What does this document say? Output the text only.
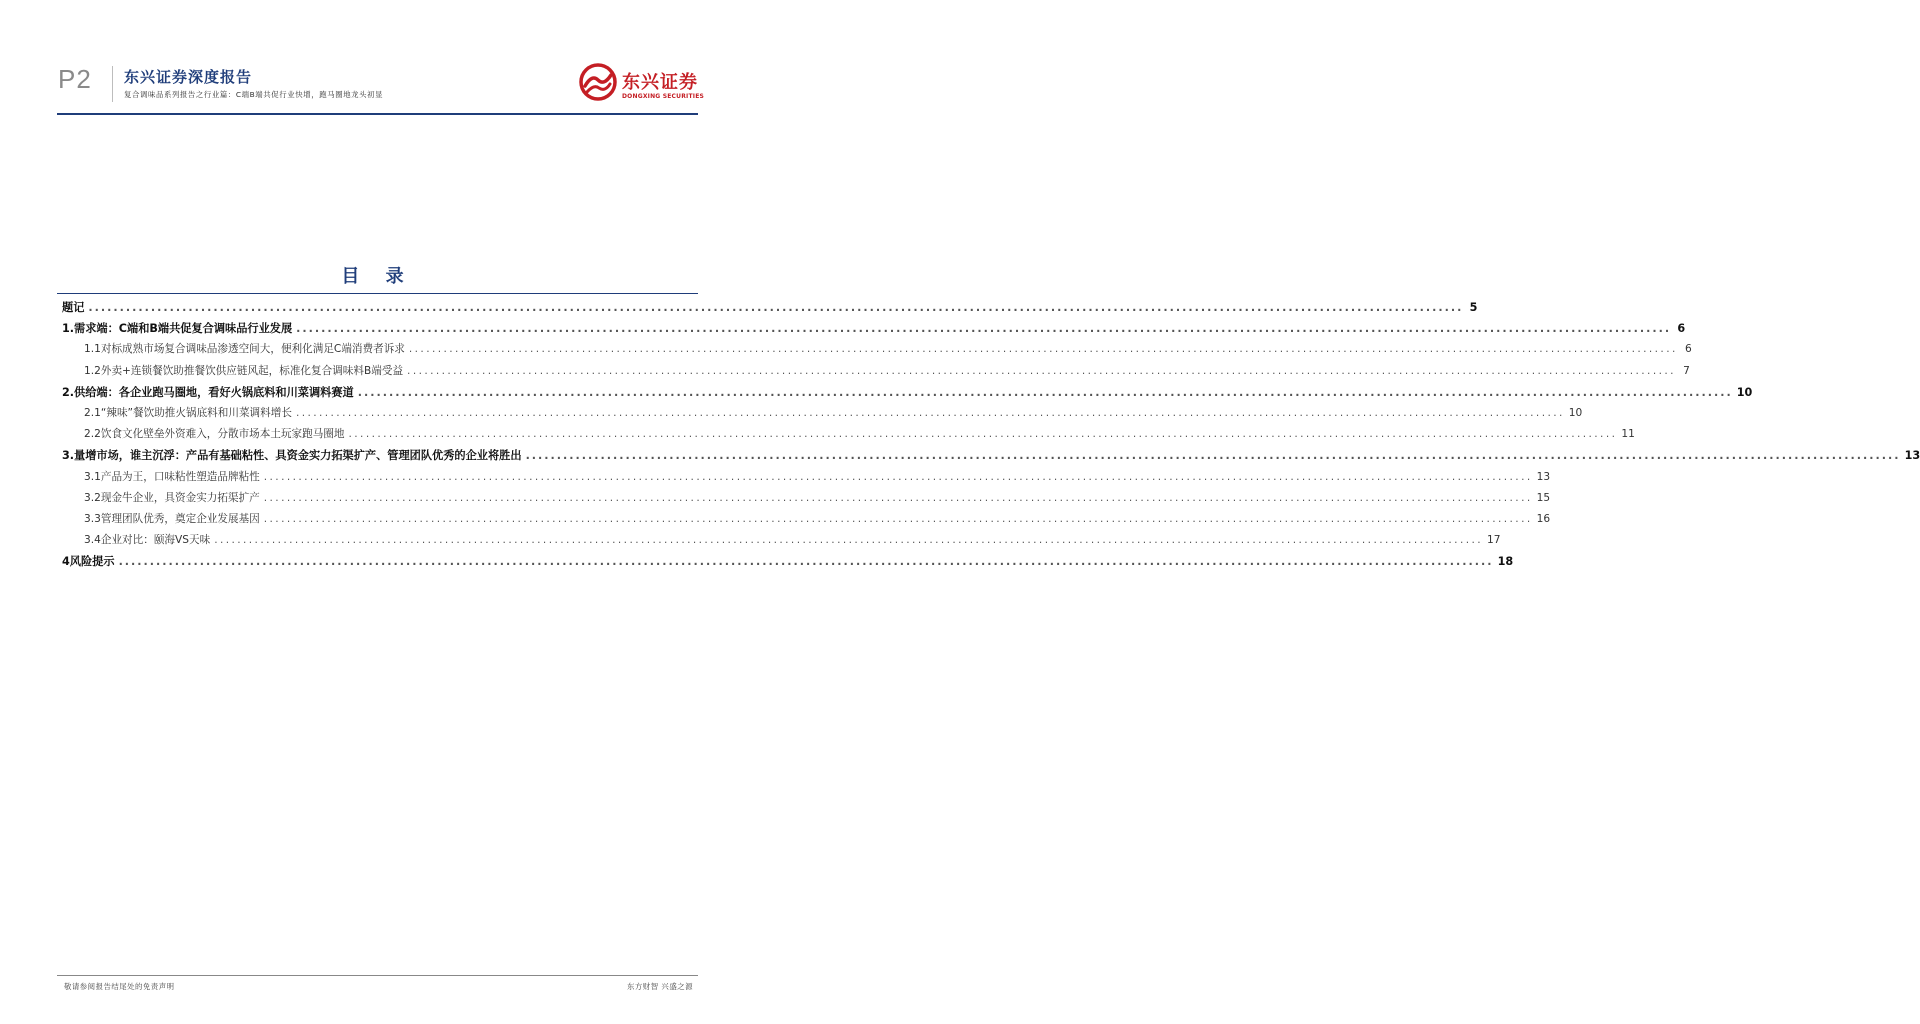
P2 东兴证券深度报告
复合调味品系列报告之行业篇：C端B端共促行业快增，跑马圈地龙头初显
东兴证券
DONGXING SECURITIES
目 录
题记 ............................................................................................................................................................................................................................ 5
1. 需求端：C端和B端共促复合调味品行业发展 ............................................................................................................................................................................................................................ 6
1.1 对标成熟市场复合调味品渗透空间大，便利化满足C端消费者诉求 ............................................................................................................................................................................................................................ 6
1.2 外卖+连锁餐饮助推餐饮供应链风起，标准化复合调味料B端受益 ............................................................................................................................................................................................................................ 7
2. 供给端：各企业跑马圈地，看好火锅底料和川菜调料赛道 ............................................................................................................................................................................................................................ 10
2.1 “辣味”餐饮助推火锅底料和川菜调料增长 ............................................................................................................................................................................................................................ 10
2.2 饮食文化壁垒外资难入，分散市场本土玩家跑马圈地 ............................................................................................................................................................................................................................ 11
3. 量增市场，谁主沉浮：产品有基础粘性、具资金实力拓渠扩产、管理团队优秀的企业将胜出 ............................................................................................................................................................................................................................ 13
3.1 产品为王，口味粘性塑造品牌粘性 ............................................................................................................................................................................................................................ 13
3.2 现金牛企业，具资金实力拓渠扩产 ............................................................................................................................................................................................................................ 15
3.3 管理团队优秀，奠定企业发展基因 ............................................................................................................................................................................................................................ 16
3.4 企业对比：颐海VS天味 ............................................................................................................................................................................................................................ 17
4 风险提示 ............................................................................................................................................................................................................................ 18
敬请参阅报告结尾处的免责声明	东方财智 兴盛之源
